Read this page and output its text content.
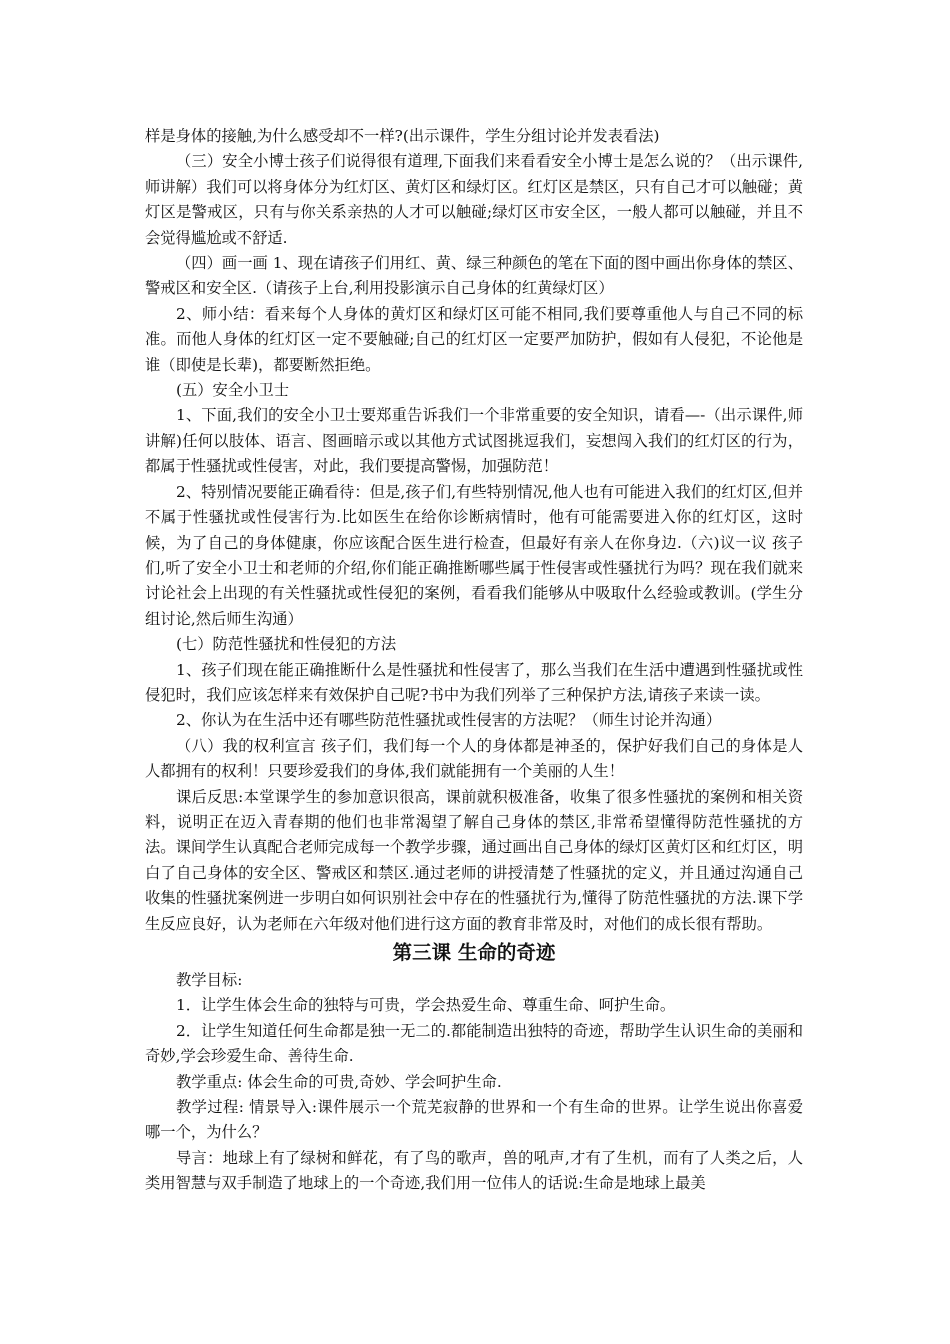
样是身体的接触,为什么感受却不一样?(出示课件，学生分组讨论并发表看法)

（三）安全小博士孩子们说得很有道理,下面我们来看看安全小博士是怎么说的？（出示课件,师讲解）我们可以将身体分为红灯区、黄灯区和绿灯区。红灯区是禁区，只有自己才可以触碰；黄灯区是警戒区，只有与你关系亲热的人才可以触碰;绿灯区市安全区，一般人都可以触碰，并且不会觉得尴尬或不舒适.

（四）画一画 1、现在请孩子们用红、黄、绿三种颜色的笔在下面的图中画出你身体的禁区、警戒区和安全区.（请孩子上台,利用投影演示自己身体的红黄绿灯区）

2、师小结：看来每个人身体的黄灯区和绿灯区可能不相同,我们要尊重他人与自己不同的标准。而他人身体的红灯区一定不要触碰;自己的红灯区一定要严加防护，假如有人侵犯，不论他是谁（即使是长辈)，都要断然拒绝。

(五）安全小卫士

1、下面,我们的安全小卫士要郑重告诉我们一个非常重要的安全知识，请看—-（出示课件,师讲解)任何以肢体、语言、图画暗示或以其他方式试图挑逗我们，妄想闯入我们的红灯区的行为，都属于性骚扰或性侵害，对此，我们要提高警惕，加强防范！

2、特别情况要能正确看待：但是,孩子们,有些特别情况,他人也有可能进入我们的红灯区,但并不属于性骚扰或性侵害行为.比如医生在给你诊断病情时，他有可能需要进入你的红灯区，这时候，为了自己的身体健康，你应该配合医生进行检查，但最好有亲人在你身边.（六)议一议 孩子们,听了安全小卫士和老师的介绍,你们能正确推断哪些属于性侵害或性骚扰行为吗？现在我们就来讨论社会上出现的有关性骚扰或性侵犯的案例，看看我们能够从中吸取什么经验或教训。(学生分组讨论,然后师生沟通）

(七）防范性骚扰和性侵犯的方法

1、孩子们现在能正确推断什么是性骚扰和性侵害了，那么当我们在生活中遭遇到性骚扰或性侵犯时，我们应该怎样来有效保护自己呢?书中为我们列举了三种保护方法,请孩子来读一读。

2、你认为在生活中还有哪些防范性骚扰或性侵害的方法呢？（师生讨论并沟通）

（八）我的权利宣言 孩子们，我们每一个人的身体都是神圣的，保护好我们自己的身体是人人都拥有的权利！只要珍爱我们的身体,我们就能拥有一个美丽的人生！

课后反思:本堂课学生的参加意识很高，课前就积极准备，收集了很多性骚扰的案例和相关资料，说明正在迈入青春期的他们也非常渴望了解自己身体的禁区,非常希望懂得防范性骚扰的方法。课间学生认真配合老师完成每一个教学步骤，通过画出自己身体的绿灯区黄灯区和红灯区，明白了自己身体的安全区、警戒区和禁区.通过老师的讲授清楚了性骚扰的定义，并且通过沟通自己收集的性骚扰案例进一步明白如何识别社会中存在的性骚扰行为,懂得了防范性骚扰的方法.课下学生反应良好，认为老师在六年级对他们进行这方面的教育非常及时，对他们的成长很有帮助。

第三课 生命的奇迹

教学目标:

1．让学生体会生命的独特与可贵，学会热爱生命、尊重生命、呵护生命。

2．让学生知道任何生命都是独一无二的.都能制造出独特的奇迹，帮助学生认识生命的美丽和奇妙,学会珍爱生命、善待生命.

教学重点: 体会生命的可贵,奇妙、学会呵护生命.

教学过程: 情景导入:课件展示一个荒芜寂静的世界和一个有生命的世界。让学生说出你喜爱哪一个，为什么？

导言：地球上有了绿树和鲜花，有了鸟的歌声，兽的吼声,才有了生机，而有了人类之后，人类用智慧与双手制造了地球上的一个奇迹,我们用一位伟人的话说:生命是地球上最美
